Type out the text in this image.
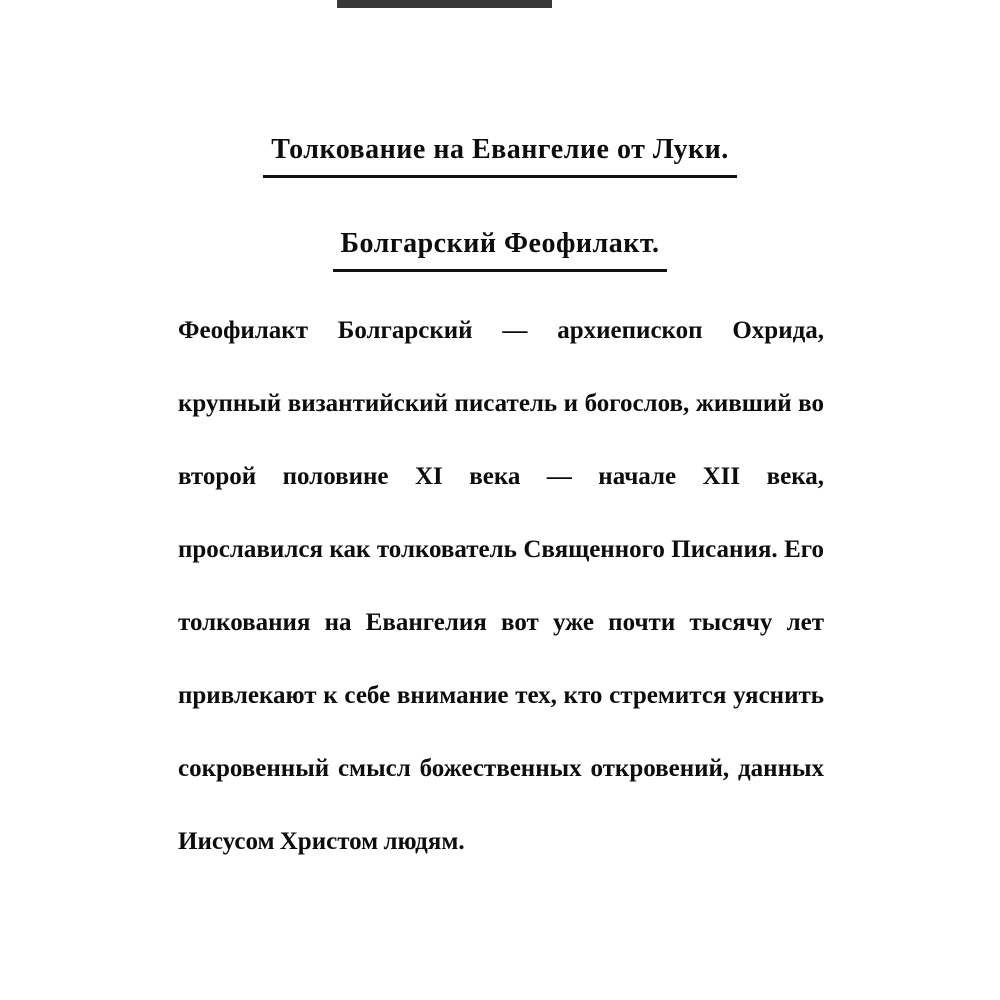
Толкование на Евангелие от Луки.
Болгарский Феофилакт.
Феофилакт Болгарский — архиепископ Охрида,
крупный византийский писатель и богослов, живший во
второй половине XI века — начале XII века,
прославился как толкователь Священного Писания. Его
толкования на Евангелия вот уже почти тысячу лет
привлекают к себе внимание тех, кто стремится уяснить
сокровенный смысл божественных откровений, данных
Иисусом Христом людям.
